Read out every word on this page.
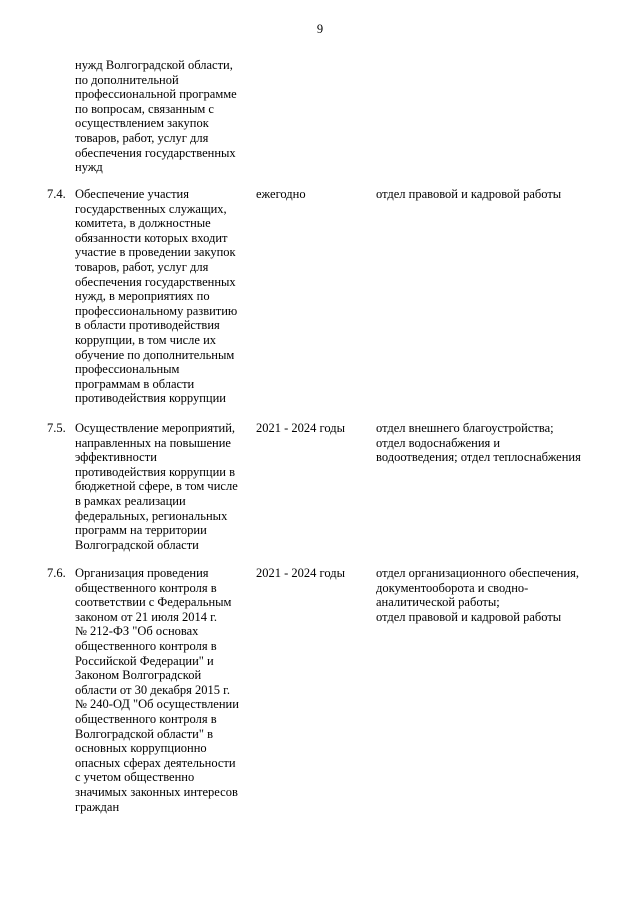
9
нужд Волгоградской области,
по дополнительной
профессиональной программе
по вопросам, связанным с
осуществлением закупок
товаров, работ, услуг для
обеспечения государственных
нужд
7.4. Обеспечение участия
государственных служащих,
комитета, в должностные
обязанности которых входит
участие в проведении закупок
товаров, работ, услуг для
обеспечения государственных
нужд, в мероприятиях по
профессиональному развитию
в области противодействия
коррупции, в том числе их
обучение по дополнительным
профессиональным
программам в области
противодействия коррупции
ежегодно	отдел правовой и кадровой работы
7.5. Осуществление мероприятий,
направленных на повышение
эффективности
противодействия коррупции в
бюджетной сфере, в том числе
в рамках реализации
федеральных, региональных
программ на территории
Волгоградской области
2021 - 2024 годы	отдел внешнего благоустройства;
отдел водоснабжения и
водоотведения; отдел теплоснабжения
7.6. Организация проведения
общественного контроля в
соответствии с Федеральным
законом от 21 июля 2014 г.
№ 212-ФЗ "Об основах
общественного контроля в
Российской Федерации" и
Законом Волгоградской
области от 30 декабря 2015 г.
№ 240-ОД "Об осуществлении
общественного контроля в
Волгоградской области" в
основных коррупционно
опасных сферах деятельности
с учетом общественно
значимых законных интересов
граждан
2021 - 2024 годы	отдел организационного обеспечения,
документооборота и сводно-
аналитической работы;
отдел правовой и кадровой работы
